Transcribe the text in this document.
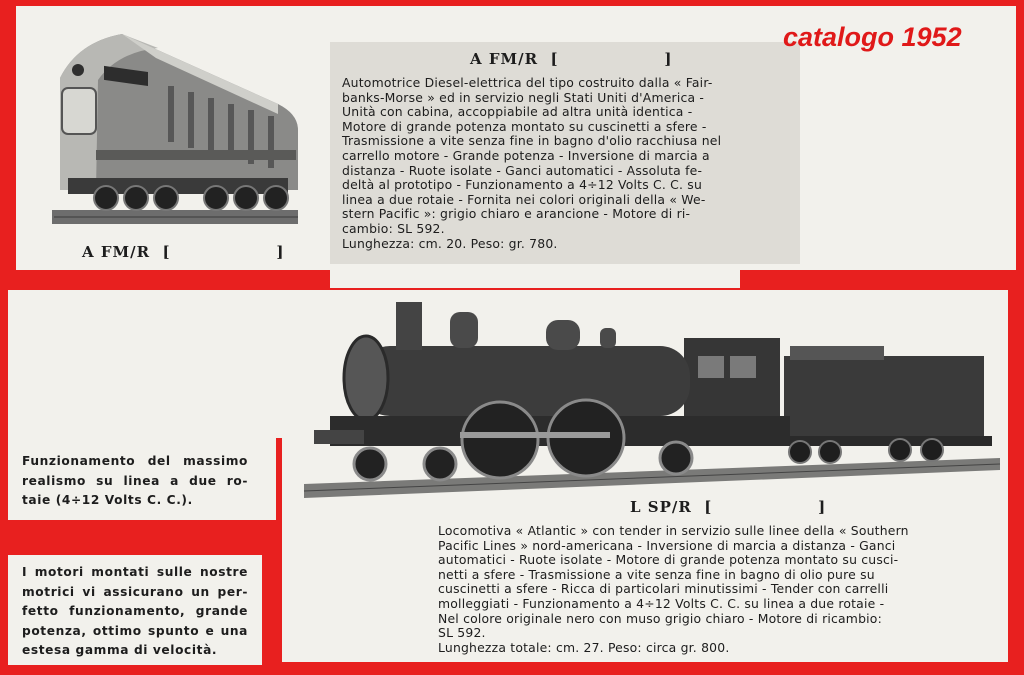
catalogo 1952
A FM/R  [                 ]
A FM/R  [                 ]
Automotrice Diesel-elettrica del tipo costruito dalla « Fair-
banks-Morse » ed in servizio negli Stati Uniti d'America -
Unità con cabina, accoppiabile ad altra unità identica -
Motore di grande potenza montato su cuscinetti a sfere -
Trasmissione a vite senza fine in bagno d'olio racchiusa nel
carrello motore - Grande potenza - Inversione di marcia a
distanza - Ruote isolate - Ganci automatici - Assoluta fe-
deltà al prototipo - Funzionamento a 4÷12 Volts C. C. su
linea a due rotaie - Fornita nei colori originali della « We-
stern Pacific »: grigio chiaro e arancione - Motore di ri-
cambio: SL 592.
Lunghezza: cm. 20. Peso: gr. 780.
L SP/R  [                 ]
Locomotiva « Atlantic » con tender in servizio sulle linee della « Southern
Pacific Lines » nord-americana - Inversione di marcia a distanza - Ganci
automatici - Ruote isolate - Motore di grande potenza montato su cusci-
netti a sfere - Trasmissione a vite senza fine in bagno di olio pure su
cuscinetti a sfere - Ricca di particolari minutissimi - Tender con carrelli
molleggiati - Funzionamento a 4÷12 Volts C. C. su linea a due rotaie -
Nel colore originale nero con muso grigio chiaro - Motore di ricambio:
SL 592.
Lunghezza totale: cm. 27. Peso: circa gr. 800.
Funzionamento del massimo
realismo su linea a due ro-
taie (4÷12 Volts C. C.).
I motori montati sulle nostre
motrici vi assicurano un per-
fetto funzionamento, grande
potenza, ottimo spunto e una
estesa gamma di velocità.
